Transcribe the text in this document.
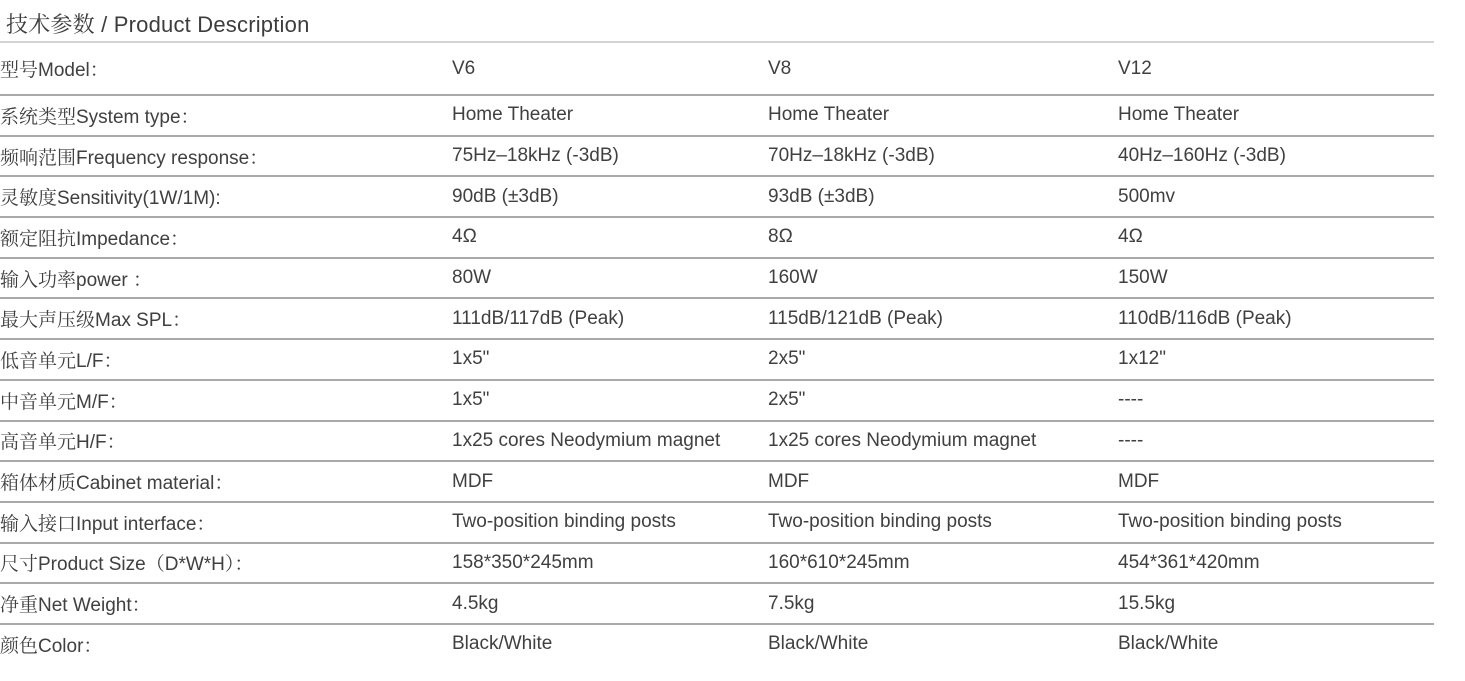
技术参数 / Product Description
型号Model：	V6	V8	V12
系统类型System type：	Home Theater	Home Theater	Home Theater
频响范围Frequency response：	75Hz–18kHz (-3dB)	70Hz–18kHz (-3dB)	40Hz–160Hz (-3dB)
灵敏度Sensitivity(1W/1M):	90dB (±3dB)	93dB (±3dB)	500mv
额定阻抗Impedance：	4Ω	8Ω	4Ω
输入功率power ：	80W	160W	150W
最大声压级Max SPL：	111dB/117dB (Peak)	115dB/121dB (Peak)	110dB/116dB (Peak)
低音单元L/F：	1x5"	2x5"	1x12"
中音单元M/F：	1x5"	2x5"	----
高音单元H/F：	1x25 cores Neodymium magnet	1x25 cores Neodymium magnet	----
箱体材质Cabinet material：	MDF	MDF	MDF
输入接口Input interface：	Two-position binding posts	Two-position binding posts	Two-position binding posts
尺寸Product Size（D*W*H）：	158*350*245mm	160*610*245mm	454*361*420mm
净重Net Weight：	4.5kg	7.5kg	15.5kg
颜色Color：	Black/White	Black/White	Black/White
